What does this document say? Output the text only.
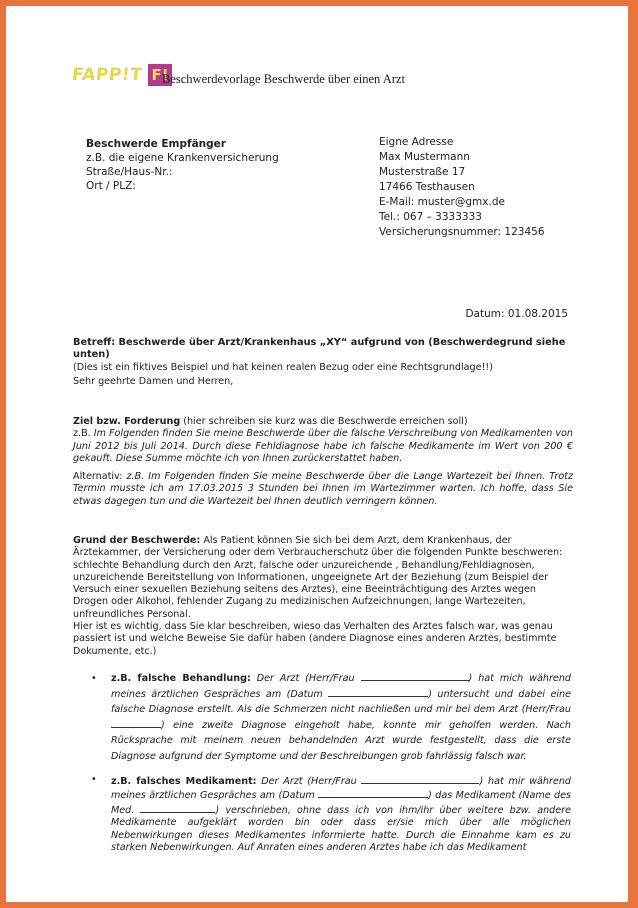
FAPP!T F!
Beschwerdevorlage Beschwerde über einen Arzt
Beschwerde Empfänger
z.B. die eigene Krankenversicherung
Straße/Haus-Nr.:
Ort / PLZ:
Eigne Adresse
Max Mustermann
Musterstraße 17
17466 Testhausen
E-Mail: muster@gmx.de
Tel.: 067 – 3333333
Versicherungsnummer: 123456
Datum: 01.08.2015
Betreff: Beschwerde über Arzt/Krankenhaus „XY“ aufgrund von (Beschwerdegrund siehe unten)
(Dies ist ein fiktives Beispiel und hat keinen realen Bezug oder eine Rechtsgrundlage!!)
Sehr geehrte Damen und Herren,
Ziel bzw. Forderung (hier schreiben sie kurz was die Beschwerde erreichen soll)
z.B. Im Folgenden finden Sie meine Beschwerde über die falsche Verschreibung von Medikamenten von Juni 2012 bis Juli 2014. Durch diese Fehldiagnose habe ich falsche Medikamente im Wert von 200 € gekauft. Diese Summe möchte ich von Ihnen zurückerstattet haben.
Alternativ: z.B. Im Folgenden finden Sie meine Beschwerde über die Lange Wartezeit bei Ihnen. Trotz Termin musste ich am 17.03.2015 3 Stunden bei Ihnen im Wartezimmer warten. Ich hoffe, dass Sie etwas dagegen tun und die Wartezeit bei Ihnen deutlich verringern können.
Grund der Beschwerde: Als Patient können Sie sich bei dem Arzt, dem Krankenhaus, der Ärztekammer, der Versicherung oder dem Verbraucherschutz über die folgenden Punkte beschweren: schlechte Behandlung durch den Arzt, falsche oder unzureichende , Behandlung/Fehldiagnosen, unzureichende Bereitstellung von Informationen, ungeeignete Art der Beziehung (zum Beispiel der Versuch einer sexuellen Beziehung seitens des Arztes), eine Beeinträchtigung des Arztes wegen Drogen oder Alkohol, fehlender Zugang zu medizinischen Aufzeichnungen, lange Wartezeiten, unfreundliches Personal.
Hier ist es wichtig, dass Sie klar beschreiben, wieso das Verhalten des Arztes falsch war, was genau passiert ist und welche Beweise Sie dafür haben (andere Diagnose eines anderen Arztes, bestimmte Dokumente, etc.)
• z.B. falsche Behandlung: Der Arzt (Herr/Frau	) hat mich während meines ärztlichen Gespräches am (Datum	) untersucht und dabei eine falsche Diagnose erstellt. Als die Schmerzen nicht nachließen und mir bei dem Arzt (Herr/Frau ) eine zweite Diagnose eingeholt habe, konnte mir geholfen werden. Nach Rücksprache mit meinem neuen behandelnden Arzt wurde festgestellt, dass die erste Diagnose aufgrund der Symptome und der Beschreibungen grob fahrlässig falsch war.
• z.B. falsches Medikament: Der Arzt (Herr/Frau	) hat mir während meines ärztlichen Gespräches am (Datum	) das Medikament (Name des Med.	) verschrieben, ohne dass ich von ihm/ihr über weitere bzw. andere Medikamente aufgeklärt worden bin oder dass er/sie mich über alle möglichen Nebenwirkungen dieses Medikamentes informierte hatte. Durch die Einnahme kam es zu starken Nebenwirkungen. Auf Anraten eines anderen Arztes habe ich das Medikament
